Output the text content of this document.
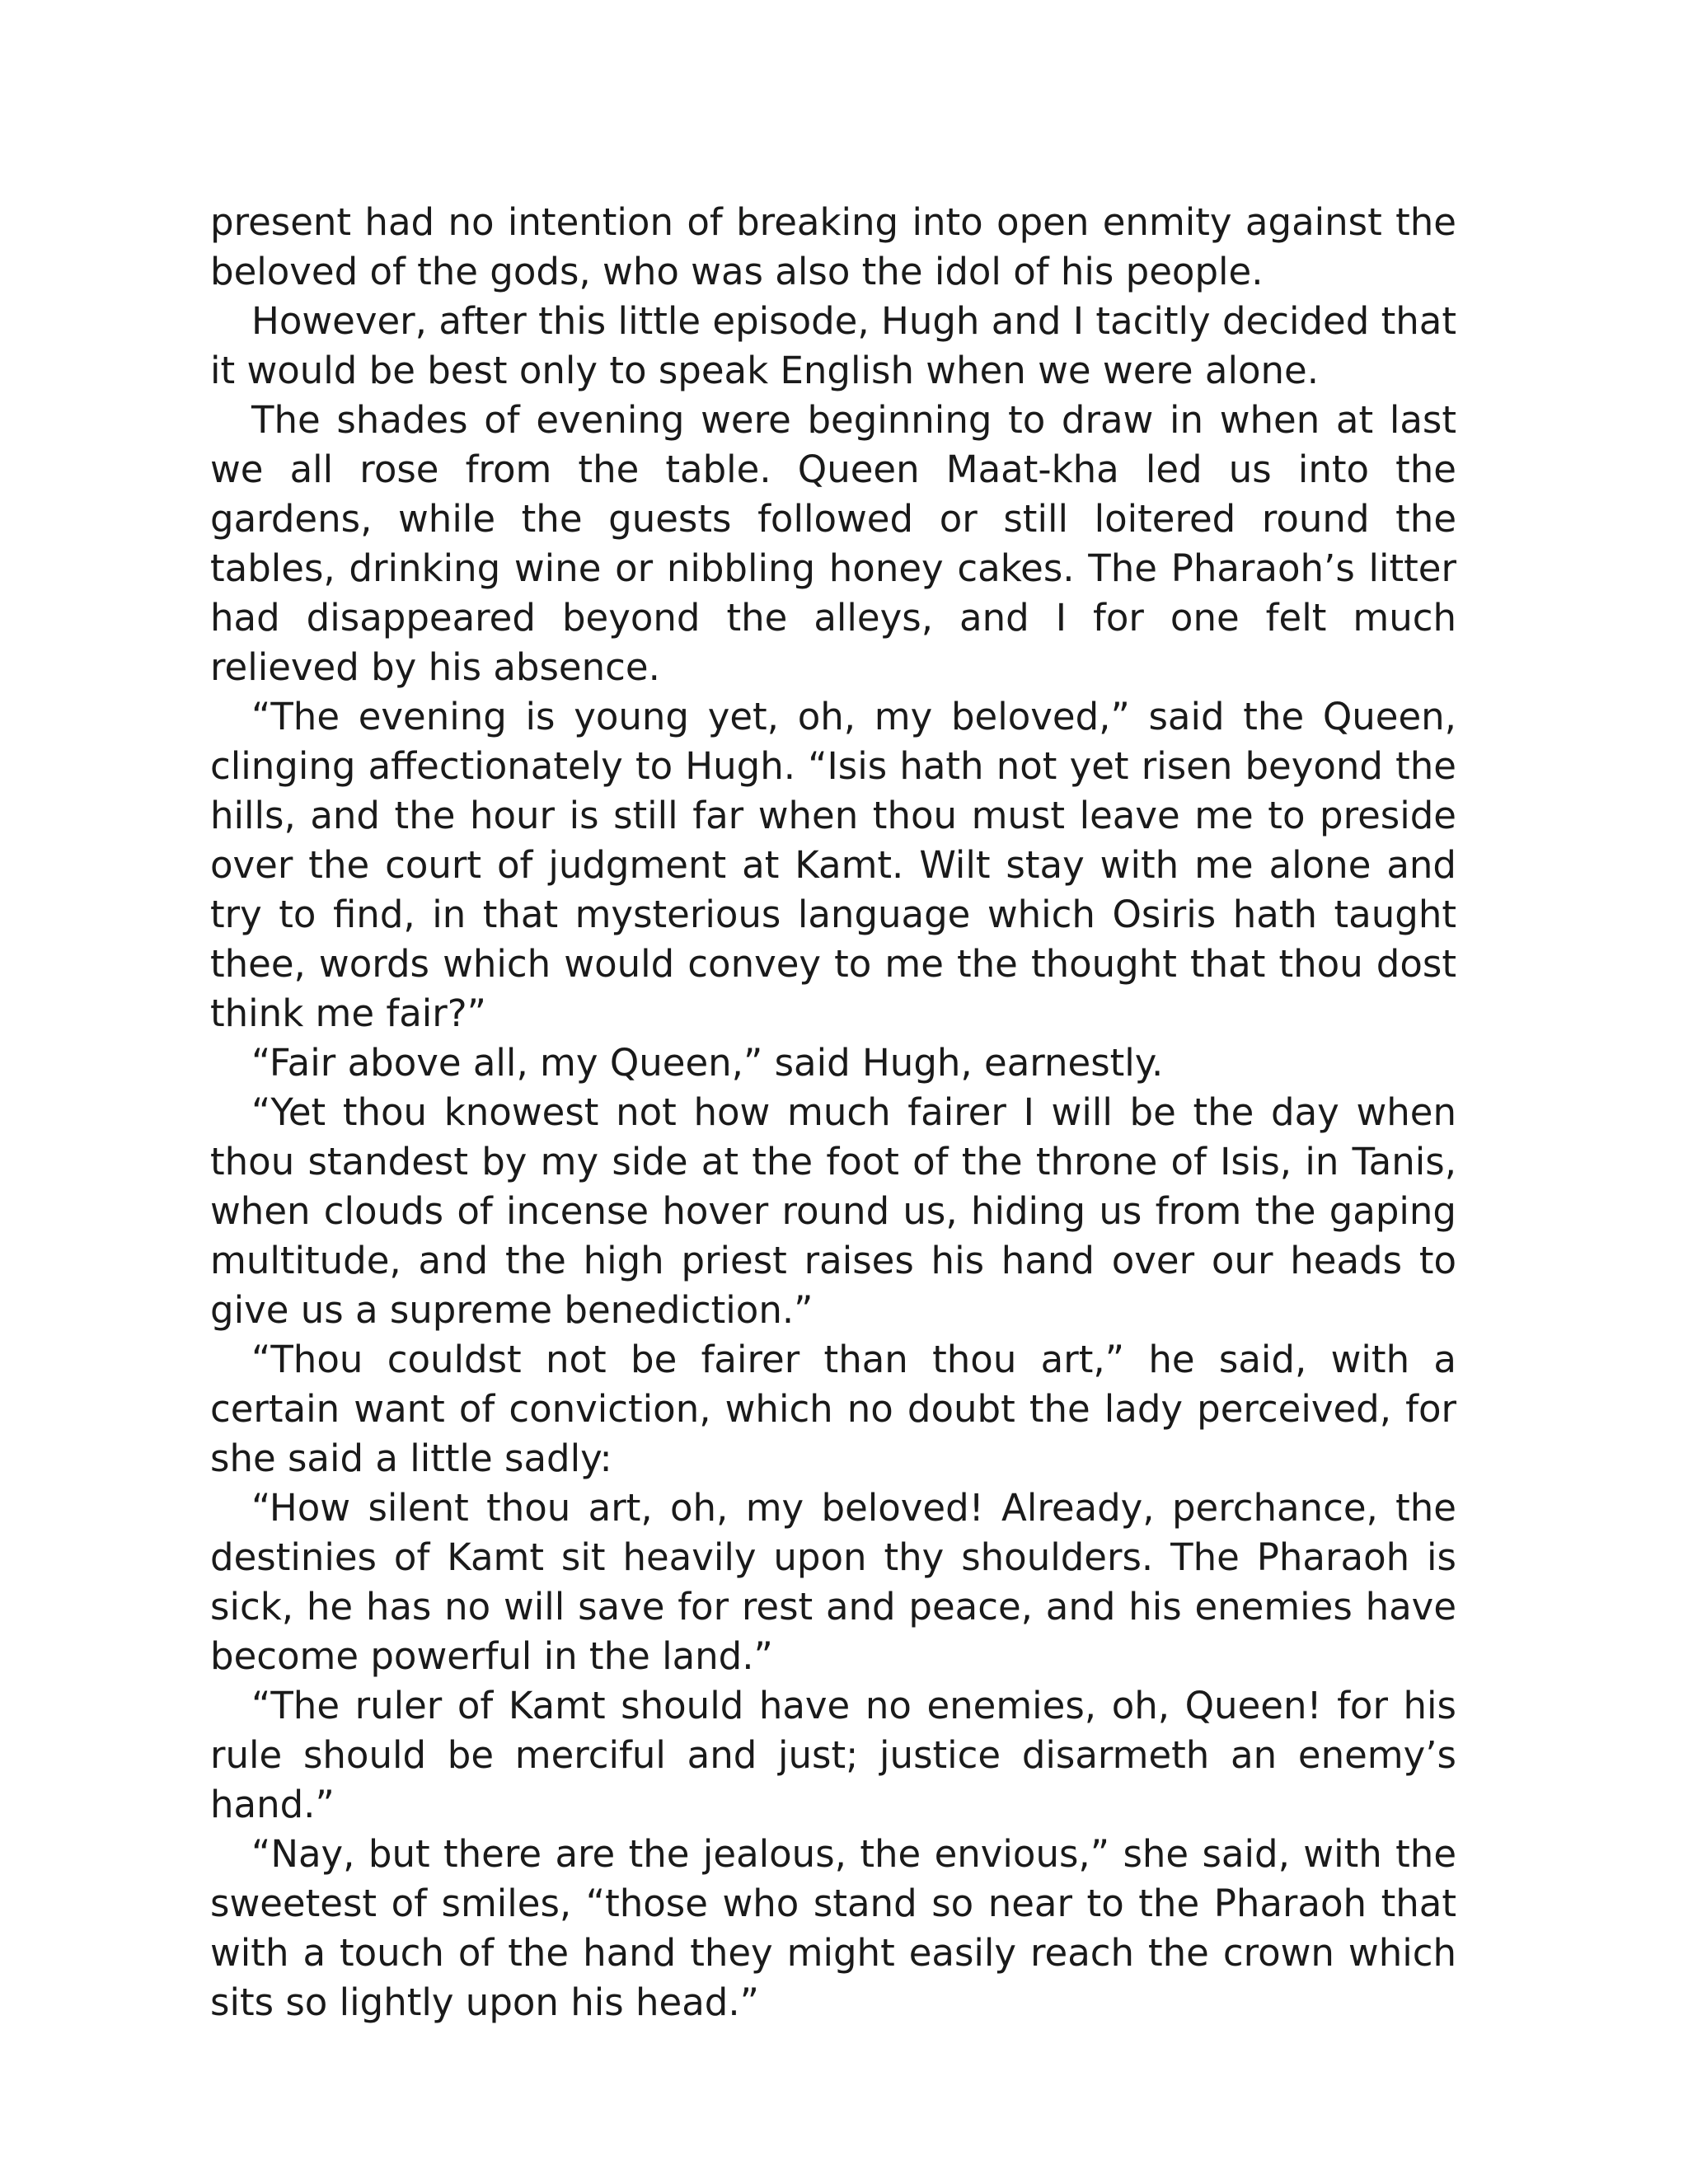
present had no intention of breaking into open enmity against the beloved of the gods, who was also the idol of his people.

However, after this little episode, Hugh and I tacitly decided that it would be best only to speak English when we were alone.

The shades of evening were beginning to draw in when at last we all rose from the table. Queen Maat-kha led us into the gardens, while the guests followed or still loitered round the tables, drinking wine or nibbling honey cakes. The Pharaoh’s litter had disappeared beyond the alleys, and I for one felt much relieved by his absence.

“The evening is young yet, oh, my beloved,” said the Queen, clinging affectionately to Hugh. “Isis hath not yet risen beyond the hills, and the hour is still far when thou must leave me to preside over the court of judgment at Kamt. Wilt stay with me alone and try to find, in that mysterious language which Osiris hath taught thee, words which would convey to me the thought that thou dost think me fair?”

“Fair above all, my Queen,” said Hugh, earnestly.

“Yet thou knowest not how much fairer I will be the day when thou standest by my side at the foot of the throne of Isis, in Tanis, when clouds of incense hover round us, hiding us from the gaping multitude, and the high priest raises his hand over our heads to give us a supreme benediction.”

“Thou couldst not be fairer than thou art,” he said, with a certain want of conviction, which no doubt the lady perceived, for she said a little sadly:

“How silent thou art, oh, my beloved! Already, perchance, the destinies of Kamt sit heavily upon thy shoulders. The Pharaoh is sick, he has no will save for rest and peace, and his enemies have become powerful in the land.”

“The ruler of Kamt should have no enemies, oh, Queen! for his rule should be merciful and just; justice disarmeth an enemy’s hand.”

“Nay, but there are the jealous, the envious,” she said, with the sweetest of smiles, “those who stand so near to the Pharaoh that with a touch of the hand they might easily reach the crown which sits so lightly upon his head.”
